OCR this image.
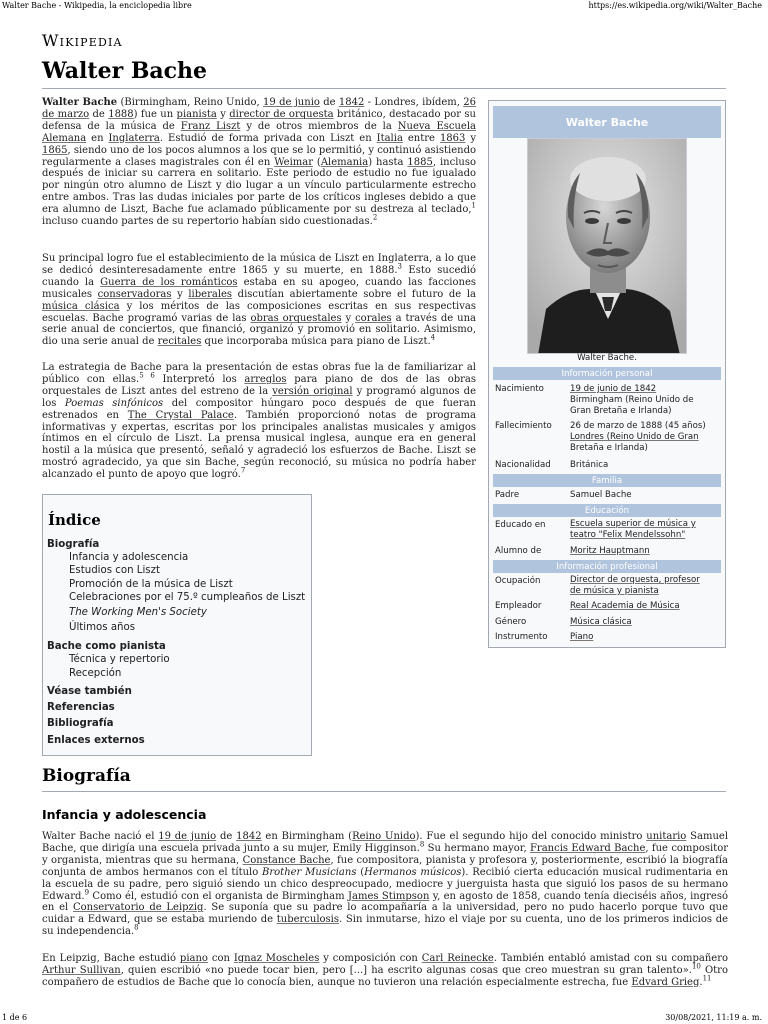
Walter Bache - Wikipedia, la enciclopedia libre	https://es.wikipedia.org/wiki/Walter_Bache
Wikipedia
Walter Bache

Walter Bache (Birmingham, Reino Unido, 19 de junio de 1842 - Londres, ibídem, 26 de marzo de 1888) fue un pianista y director de orquesta británico, destacado por su defensa de la música de Franz Liszt y de otros miembros de la Nueva Escuela Alemana en Inglaterra. Estudió de forma privada con Liszt en Italia entre 1863 y 1865, siendo uno de los pocos alumnos a los que se lo permitió, y continuó asistiendo regularmente a clases magistrales con él en Weimar (Alemania) hasta 1885, incluso después de iniciar su carrera en solitario. Este periodo de estudio no fue igualado por ningún otro alumno de Liszt y dio lugar a un vínculo particularmente estrecho entre ambos. Tras las dudas iniciales por parte de los críticos ingleses debido a que era alumno de Liszt, Bache fue aclamado públicamente por su destreza al teclado,$^1$ incluso cuando partes de su repertorio habían sido cuestionadas.$^2$

Su principal logro fue el establecimiento de la música de Liszt en Inglaterra, a lo que se dedicó desinteresadamente entre 1865 y su muerte, en 1888.$^3$ Esto sucedió cuando la Guerra de los románticos estaba en su apogeo, cuando las facciones musicales conservadoras y liberales discutían abiertamente sobre el futuro de la música clásica y los méritos de las composiciones escritas en sus respectivas escuelas. Bache programó varias de las obras orquestales y corales a través de una serie anual de conciertos, que financió, organizó y promovió en solitario. Asimismo, dio una serie anual de recitales que incorporaba música para piano de Liszt.$^4$

La estrategia de Bache para la presentación de estas obras fue la de familiarizar al público con ellas.$^{5 6}$ Interpretó los arreglos para piano de dos de las obras orquestales de Liszt antes del estreno de la versión original y programó algunos de los Poemas sinfónicos del compositor húngaro poco después de que fueran estrenados en The Crystal Palace. También proporcionó notas de programa informativas y expertas, escritas por los principales analistas musicales y amigos íntimos en el círculo de Liszt. La prensa musical inglesa, aunque era en general hostil a la música que presentó, señaló y agradeció los esfuerzos de Bache. Liszt se mostró agradecido, ya que sin Bache, según reconoció, su música no podría haber alcanzado el punto de apoyo que logró.$^7$

Walter Bache
Walter Bache.
Información personal
Nacimiento	19 de junio de 1842
Birmingham (Reino Unido de
Gran Bretaña e Irlanda)
Fallecimiento 26 de marzo de 1888 (45 años)
Londres (Reino Unido de Gran
Bretaña e Irlanda)
Nacionalidad Británica
Familia
Padre	Samuel Bache
Educación
Educado en	Escuela superior de música y
teatro "Felix Mendelssohn"
Alumno de	Moritz Hauptmann
Información profesional
Ocupación	Director de orquesta, profesor
de música y pianista
Empleador	Real Academia de Música
Género	Música clásica
Instrumento	Piano
Índice
Biografía
Infancia y adolescencia
Estudios con Liszt
Promoción de la música de Liszt
Celebraciones por el 75.º cumpleaños de Liszt
The Working Men's Society
Últimos años
Bache como pianista
Técnica y repertorio
Recepción
Véase también
Referencias
Bibliografía
Enlaces externos
Biografía
Infancia y adolescencia

Walter Bache nació el 19 de junio de 1842 en Birmingham (Reino Unido). Fue el segundo hijo del conocido ministro unitario Samuel Bache, que dirigía una escuela privada junto a su mujer, Emily Higginson.$^8$ Su hermano mayor, Francis Edward Bache, fue compositor y organista, mientras que su hermana, Constance Bache, fue compositora, pianista y profesora y, posteriormente, escribió la biografía conjunta de ambos hermanos con el título Brother Musicians (Hermanos músicos). Recibió cierta educación musical rudimentaria en la escuela de su padre, pero siguió siendo un chico despreocupado, mediocre y juerguista hasta que siguió los pasos de su hermano Edward.$^9$ Como él, estudió con el organista de Birmingham James Stimpson y, en agosto de 1858, cuando tenía dieciséis años, ingresó en el Conservatorio de Leipzig. Se suponía que su padre lo acompañaría a la universidad, pero no pudo hacerlo porque tuvo que cuidar a Edward, que se estaba muriendo de tuberculosis. Sin inmutarse, hizo el viaje por su cuenta, uno de los primeros indicios de su independencia.$^8$

En Leipzig, Bache estudió piano con Ignaz Moscheles y composición con Carl Reinecke. También entabló amistad con su compañero Arthur Sullivan, quien escribió «no puede tocar bien, pero [...] ha escrito algunas cosas que creo muestran su gran talento».$^{10}$ Otro compañero de estudios de Bache que lo conocía bien, aunque no tuvieron una relación especialmente estrecha, fue Edvard Grieg.$^{11}$

1 de 6	30/08/2021, 11:19 a. m.
